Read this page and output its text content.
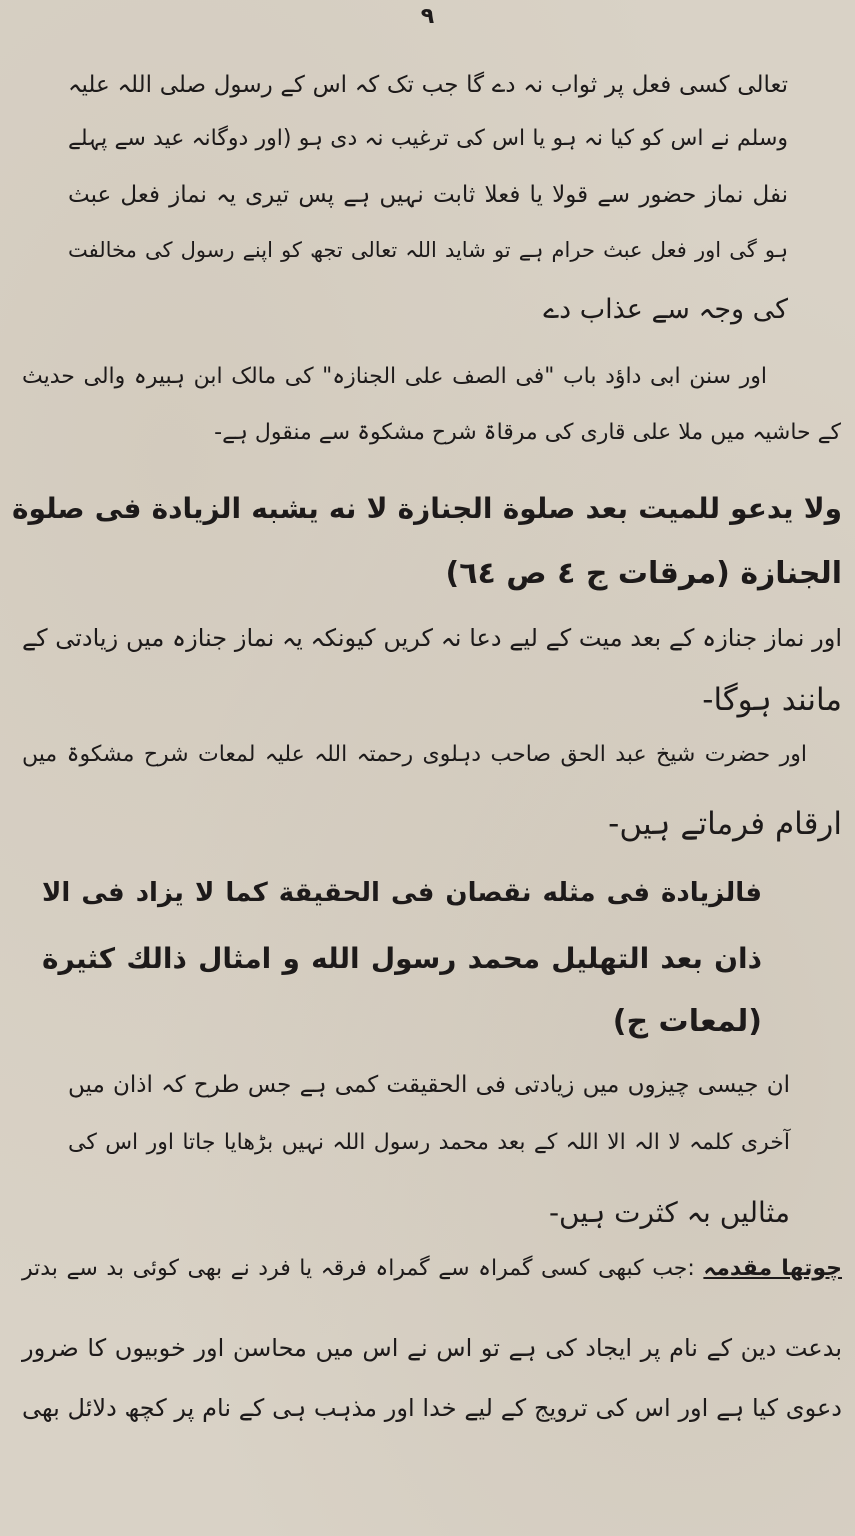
٩
تعالی کسی فعل پر ثواب نہ دے گا جب تک کہ اس کے رسول صلی اللہ علیہ
وسلم نے اس کو کیا نہ ہو یا اس کی ترغیب نہ دی ہو (اور دوگانہ عید سے پہلے
نفل نماز حضور سے قولا یا فعلا ثابت نہیں ہے پس تیری یہ نماز فعل عبث
ہو گی اور فعل عبث حرام ہے تو شاید اللہ تعالی تجھ کو اپنے رسول کی مخالفت
کی وجہ سے عذاب دے
اور سنن ابی داؤد باب "فی الصف علی الجنازہ" کی مالک ابن ہبیرہ والی حدیث
کے حاشیہ میں ملا علی قاری کی مرقاۃ شرح مشکوۃ سے منقول ہے-
ولا يدعو للميت بعد صلوة الجنازة لا نه يشبه الزيادة فى صلوة
الجنازة (مرقات ج ٤ ص ٦٤)
اور نماز جنازہ کے بعد میت کے لیے دعا نہ کریں کیونکہ یہ نماز جنازہ میں زیادتی کے
مانند ہوگا-
اور حضرت شیخ عبد الحق صاحب دہلوی رحمتہ اللہ علیہ لمعات شرح مشکوۃ میں
ارقام فرماتے ہیں-
فالزيادة فى مثله نقصان فى الحقيقة كما لا يزاد فى الا
ذان بعد التهليل محمد رسول الله و امثال ذالك كثيرة
(لمعات ج)
ان جیسی چیزوں میں زیادتی فی الحقیقت کمی ہے جس طرح کہ اذان میں
آخری کلمہ لا الہ الا اللہ کے بعد محمد رسول اللہ نہیں بڑھایا جاتا اور اس کی
مثالیں بہ کثرت ہیں-
چوتھا مقدمہ :جب کبھی کسی گمراہ سے گمراہ فرقہ یا فرد نے بھی کوئی بد سے بدتر
بدعت دین کے نام پر ایجاد کی ہے تو اس نے اس میں محاسن اور خوبیوں کا ضرور
دعوی کیا ہے اور اس کی ترویج کے لیے خدا اور مذہب ہی کے نام پر کچھ دلائل بھی
